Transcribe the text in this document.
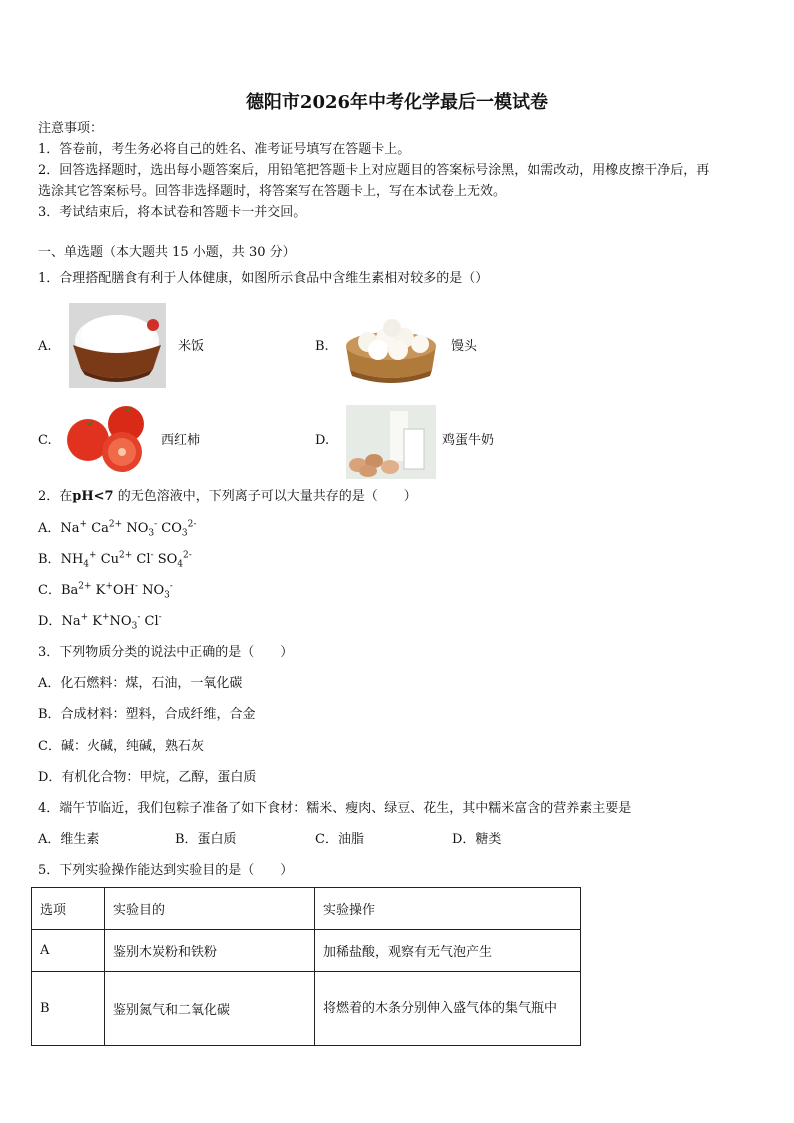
德阳市2026年中考化学最后一模试卷
注意事项：
1．答卷前，考生务必将自己的姓名、准考证号填写在答题卡上。
2．回答选择题时，选出每小题答案后，用铅笔把答题卡上对应题目的答案标号涂黑，如需改动，用橡皮擦干净后，再
选涂其它答案标号。回答非选择题时，将答案写在答题卡上，写在本试卷上无效。
3．考试结束后，将本试卷和答题卡一并交回。
一、单选题（本大题共 15 小题，共 30 分）
1．合理搭配膳食有利于人体健康，如图所示食品中含维生素相对较多的是（）
A.	米饭	B.	馒头
C.	西红柿	D.	鸡蛋牛奶
2．在pH<7 的无色溶液中，下列离子可以大量共存的是（　　）
A．Na+ $Ca^{2+}$ $NO_3^-$ $CO_3^{2-}$
B．$NH_4^+$ $Cu^{2+}$ Cl- $SO_4^{2-}$
C．$Ba^{2+}$ K+OH- $NO_3^-$
D．Na+ $K^+NO_3^-$ Cl-
3．下列物质分类的说法中正确的是（　　）
A．化石燃料：煤，石油，一氧化碳
B．合成材料：塑料，合成纤维，合金
C．碱：火碱，纯碱，熟石灰
D．有机化合物：甲烷，乙醇，蛋白质
4．端午节临近，我们包粽子准备了如下食材：糯米、瘦肉、绿豆、花生，其中糯米富含的营养素主要是
A．维生素	B．蛋白质	C．油脂	D．糖类
5．下列实验操作能达到实验目的是（　　）
选项	实验目的	实验操作
A	鉴别木炭粉和铁粉	加稀盐酸，观察有无气泡产生
B	鉴别氮气和二氧化碳	将燃着的木条分别伸入盛气体的集气瓶中
